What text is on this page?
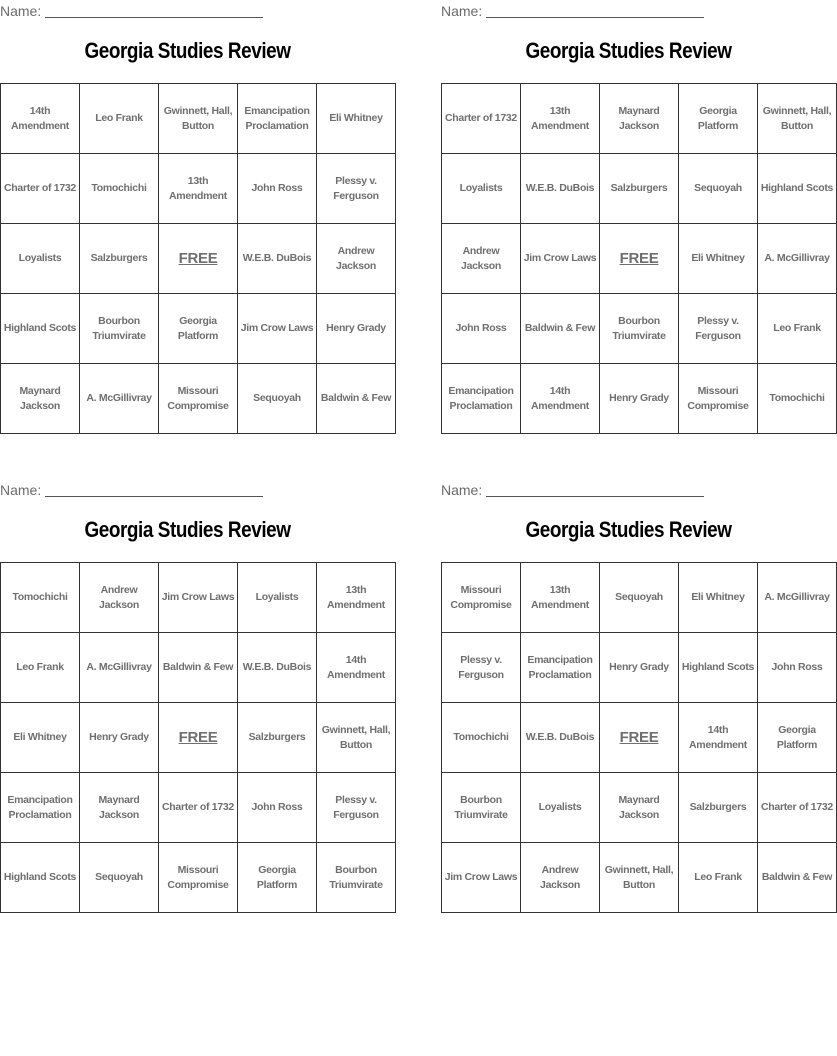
Name:
Georgia Studies Review
14th Amendment	Leo Frank	Gwinnett, Hall, Button	Emancipation Proclamation	Eli Whitney
Charter of 1732	Tomochichi	13th Amendment	John Ross	Plessy v. Ferguson
Loyalists	Salzburgers	FREE	W.E.B. DuBois	Andrew Jackson
Highland Scots	Bourbon Triumvirate	Georgia Platform	Jim Crow Laws	Henry Grady
Maynard Jackson	A. McGillivray	Missouri Compromise	Sequoyah	Baldwin & Few
Name:
Georgia Studies Review
Charter of 1732	13th Amendment	Maynard Jackson	Georgia Platform	Gwinnett, Hall, Button
Loyalists	W.E.B. DuBois	Salzburgers	Sequoyah	Highland Scots
Andrew Jackson	Jim Crow Laws	FREE	Eli Whitney	A. McGillivray
John Ross	Baldwin & Few	Bourbon Triumvirate	Plessy v. Ferguson	Leo Frank
Emancipation Proclamation	14th Amendment	Henry Grady	Missouri Compromise	Tomochichi
Name:
Georgia Studies Review
Tomochichi	Andrew Jackson	Jim Crow Laws	Loyalists	13th Amendment
Leo Frank	A. McGillivray	Baldwin & Few	W.E.B. DuBois	14th Amendment
Eli Whitney	Henry Grady	FREE	Salzburgers	Gwinnett, Hall, Button
Emancipation Proclamation	Maynard Jackson	Charter of 1732	John Ross	Plessy v. Ferguson
Highland Scots	Sequoyah	Missouri Compromise	Georgia Platform	Bourbon Triumvirate
Name:
Georgia Studies Review
Missouri Compromise	13th Amendment	Sequoyah	Eli Whitney	A. McGillivray
Plessy v. Ferguson	Emancipation Proclamation	Henry Grady	Highland Scots	John Ross
Tomochichi	W.E.B. DuBois	FREE	14th Amendment	Georgia Platform
Bourbon Triumvirate	Loyalists	Maynard Jackson	Salzburgers	Charter of 1732
Jim Crow Laws	Andrew Jackson	Gwinnett, Hall, Button	Leo Frank	Baldwin & Few
